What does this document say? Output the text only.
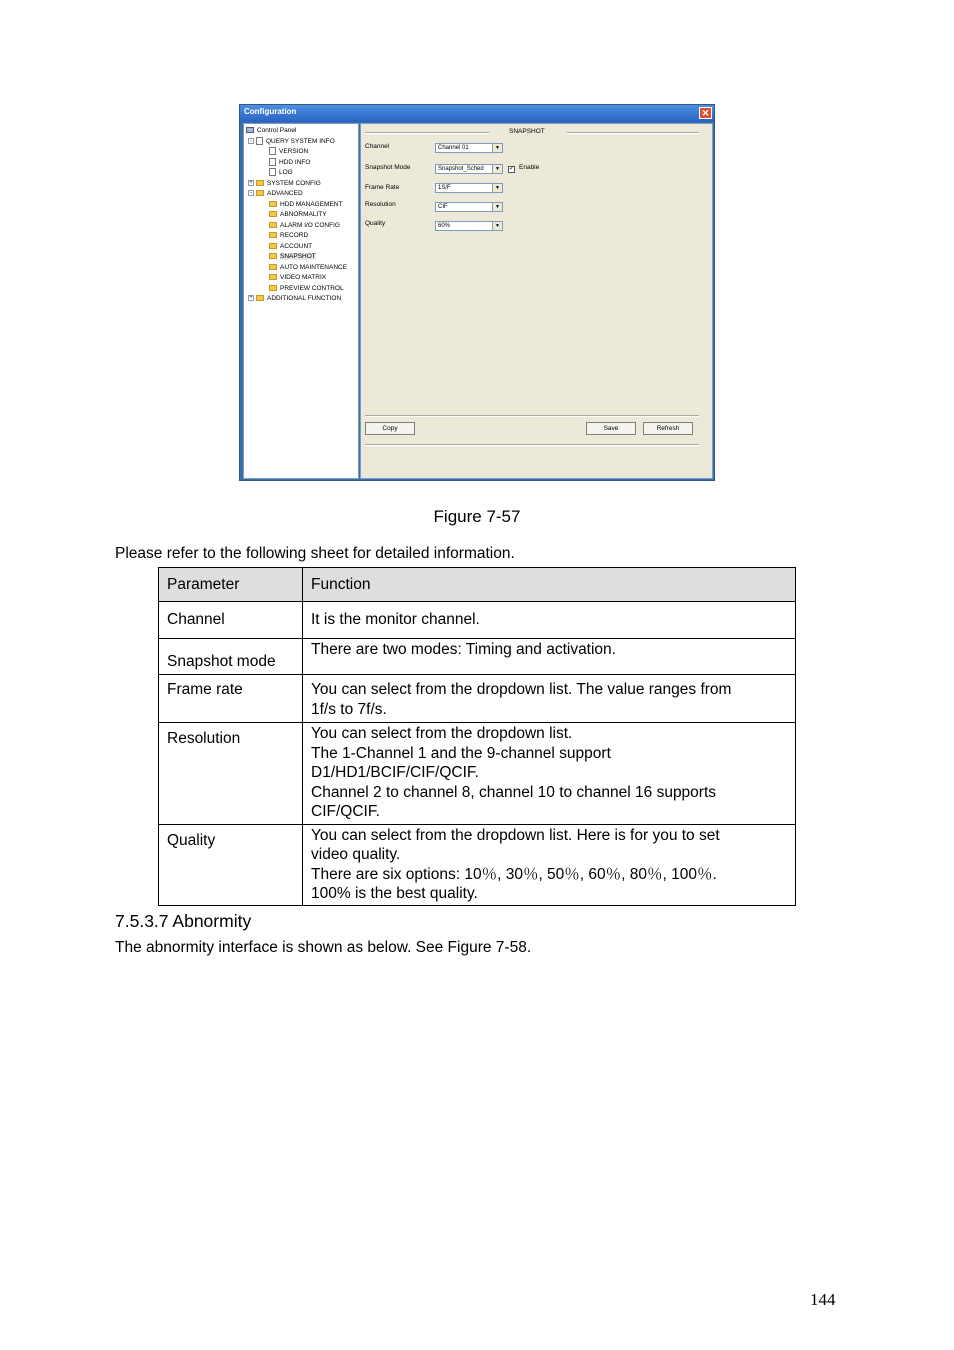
Configuration	✕
Control Panel
- QUERY SYSTEM INFO
VERSION
HDD INFO
LOG
+ SYSTEM CONFIG
- ADVANCED
HDD MANAGEMENT
ABNORMALITY
ALARM I/O CONFIG
RECORD
ACCOUNT
SNAPSHOT
AUTO MAINTENANCE
VIDEO MATRIX
PREVIEW CONTROL
+ ADDITIONAL FUNCTION
SNAPSHOT
Channel	Channel 01	▼
Snapshot Mode	Snapshot_Sched	▼	✓ Enable
Frame Rate	1S/F	▼
Resolution	CIF	▼
Quality	60%	▼
Copy	Save	Refresh
Figure 7-57
Please refer to the following sheet for detailed information.
Parameter	Function
Channel	It is the monitor channel.

Snapshot mode	There are two modes: Timing and activation.

Frame rate	You can select from the dropdown list. The value ranges from
1f/s to 7f/s.

Resolution	You can select from the dropdown list.
The 1-Channel 1 and the 9-channel support
D1/HD1/BCIF/CIF/QCIF.
Channel 2 to channel 8, channel 10 to channel 16 supports
CIF/QCIF.

Quality	You can select from the dropdown list. Here is for you to set
video quality.
There are six options: 10％, 30％, 50％, 60％, 80％, 100％.
100% is the best quality.
7.5.3.7 Abnormity
The abnormity interface is shown as below. See Figure 7-58.
144
